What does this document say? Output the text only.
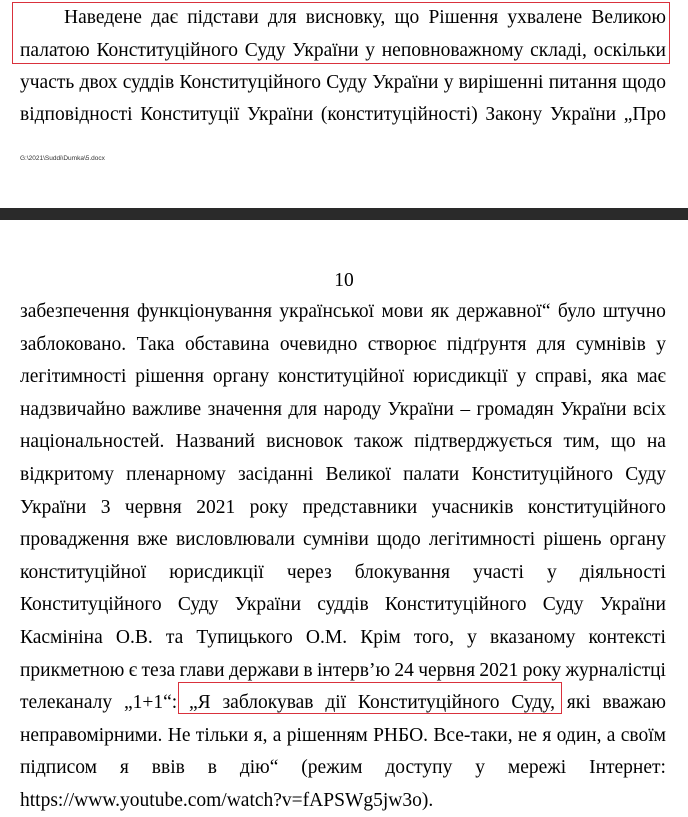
Наведене дає підстави для висновку, що Рішення ухвалене Великою
палатою Конституційного Суду України у неповноважному складі, оскільки
участь двох суддів Конституційного Суду України у вирішенні питання щодо
відповідності Конституції України (конституційності) Закону України „Про
G:\2021\Suddi\Dumka\5.docx
10
забезпечення функціонування української мови як державної“ було штучно
заблоковано. Така обставина очевидно створює підґрунтя для сумнівів у
легітимності рішення органу конституційної юрисдикції у справі, яка має
надзвичайно важливе значення для народу України – громадян України всіх
національностей. Названий висновок також підтверджується тим, що на
відкритому пленарному засіданні Великої палати Конституційного Суду
України 3 червня 2021 року представники учасників конституційного
провадження вже висловлювали сумніви щодо легітимності рішень органу
конституційної юрисдикції через блокування участі у діяльності
Конституційного Суду України суддів Конституційного Суду України
Касмініна О.В. та Тупицького О.М. Крім того, у вказаному контексті
прикметною є теза глави держави в інтерв’ю 24 червня 2021 року журналістці
телеканалу „1+1“: „Я заблокував дії Конституційного Суду, які вважаю
неправомірними. Не тільки я, а рішенням РНБО. Все-таки, не я один, а своїм
підписом я ввів в дію“ (режим доступу у мережі Інтернет:
https://www.youtube.com/watch?v=fAPSWg5jw3o).
